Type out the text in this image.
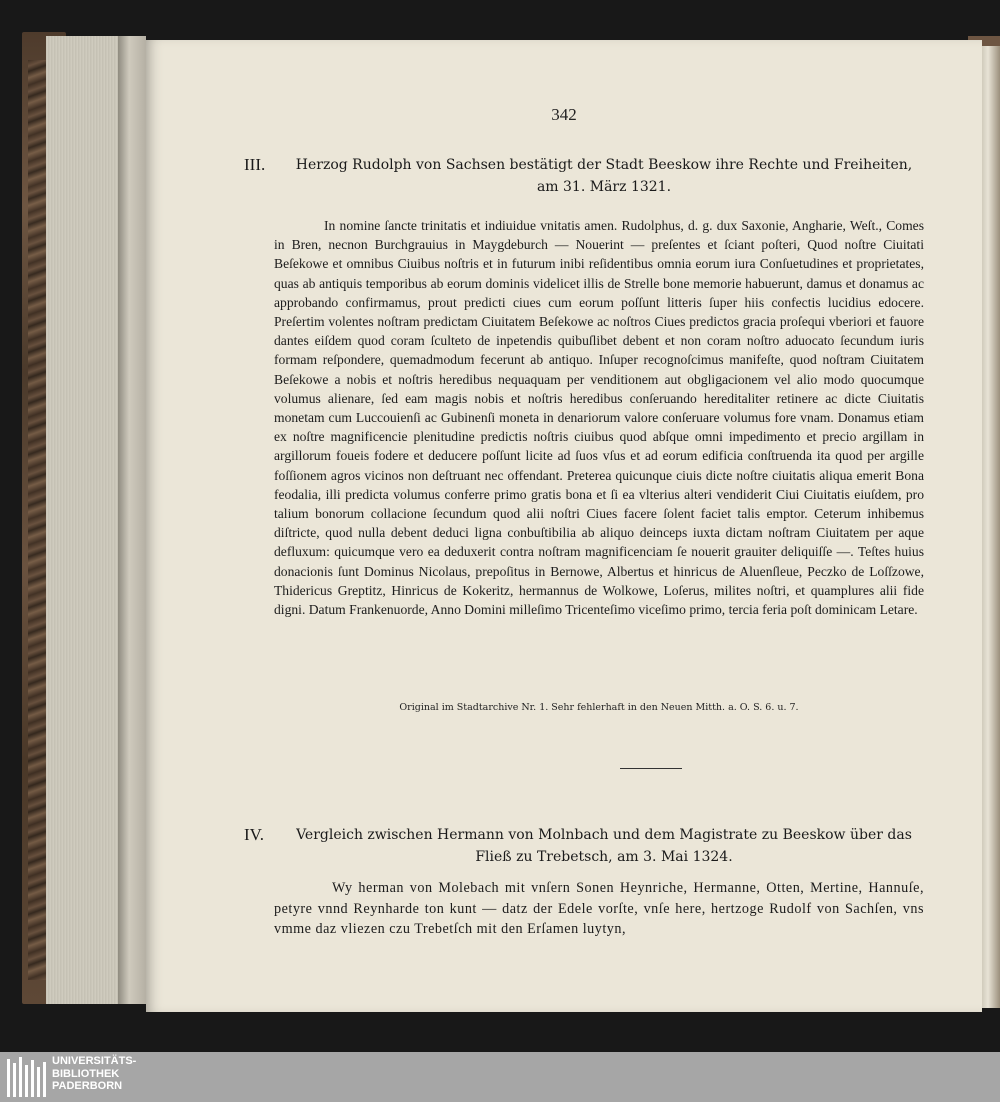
342
III.	Herzog Rudolph von Sachsen bestätigt der Stadt Beeskow ihre Rechte und Freiheiten,
am 31. März 1321.

In nomine ſancte trinitatis et indiuidue vnitatis amen. Rudolphus, d. g. dux Saxonie, Angharie, Weſt., Comes in Bren, necnon Burchgrauius in Maygdeburch — Nouerint — preſentes et ſciant poſteri, Quod noſtre Ciuitati Beſekowe et omnibus Ciuibus noſtris et in futurum inibi reſidentibus omnia eorum iura Conſuetudines et proprietates, quas ab antiquis temporibus ab eorum dominis videlicet illis de Strelle bone memorie habuerunt, damus et donamus ac approbando confirmamus, prout predicti ciues cum eorum poſſunt litteris ſuper hiis confectis lucidius edocere. Preſertim volentes noſtram predictam Ciuitatem Beſekowe ac noſtros Ciues predictos gracia proſequi vberiori et fauore dantes eiſdem quod coram ſculteto de inpetendis quibuſlibet debent et non coram noſtro aduocato ſecundum iuris formam reſpondere, quemadmodum fecerunt ab antiquo. Inſuper recognoſcimus manifeſte, quod noſtram Ciuitatem Beſekowe a nobis et noſtris heredibus nequaquam per venditionem aut obgligacionem vel alio modo quocumque volumus alienare, ſed eam magis nobis et noſtris heredibus conſeruando hereditaliter retinere ac dicte Ciuitatis monetam cum Luccouienſi ac Gubinenſi moneta in denariorum valore conſeruare volumus fore vnam. Donamus etiam ex noſtre magnificencie plenitudine predictis noſtris ciuibus quod abſque omni impedimento et precio argillam in argillorum foueis fodere et deducere poſſunt licite ad ſuos vſus et ad eorum edificia conſtruenda ita quod per argille foſſionem agros vicinos non deſtruant nec offendant. Preterea quicunque ciuis dicte noſtre ciuitatis aliqua emerit Bona feodalia, illi predicta volumus conferre primo gratis bona et ſi ea vlterius alteri vendiderit Ciui Ciuitatis eiuſdem, pro talium bonorum collacione ſecundum quod alii noſtri Ciues facere ſolent faciet talis emptor. Ceterum inhibemus diſtricte, quod nulla debent deduci ligna conbuſtibilia ab aliquo deinceps iuxta dictam noſtram Ciuitatem per aque defluxum: quicumque vero ea deduxerit contra noſtram magnificenciam ſe nouerit grauiter deliquiſſe —. Teſtes huius donacionis ſunt Dominus Nicolaus, prepoſitus in Bernowe, Albertus et hinricus de Aluenſleue, Peczko de Loſſzowe, Thidericus Greptitz, Hinricus de Kokeritz, hermannus de Wolkowe, Loſerus, milites noſtri, et quamplures alii fide digni. Datum Frankenuorde, Anno Domini milleſimo Tricenteſimo viceſimo primo, tercia feria poſt dominicam Letare.

Original im Stadtarchive Nr. 1. Sehr fehlerhaft in den Neuen Mitth. a. O. S. 6. u. 7.
IV.	Vergleich zwischen Hermann von Molnbach und dem Magistrate zu Beeskow über das
Fließ zu Trebetsch, am 3. Mai 1324.

Wy herman von Molebach mit vnſern Sonen Heynriche, Hermanne, Otten, Mertine, Hannuſe, petyre vnnd Reynharde ton kunt — datz der Edele vorſte, vnſe here, hertzoge Rudolf von Sachſen, vns vmme daz vliezen czu Trebetſch mit den Erſamen luytyn,

UNIVERSITÄTS-
BIBLIOTHEK
PADERBORN
